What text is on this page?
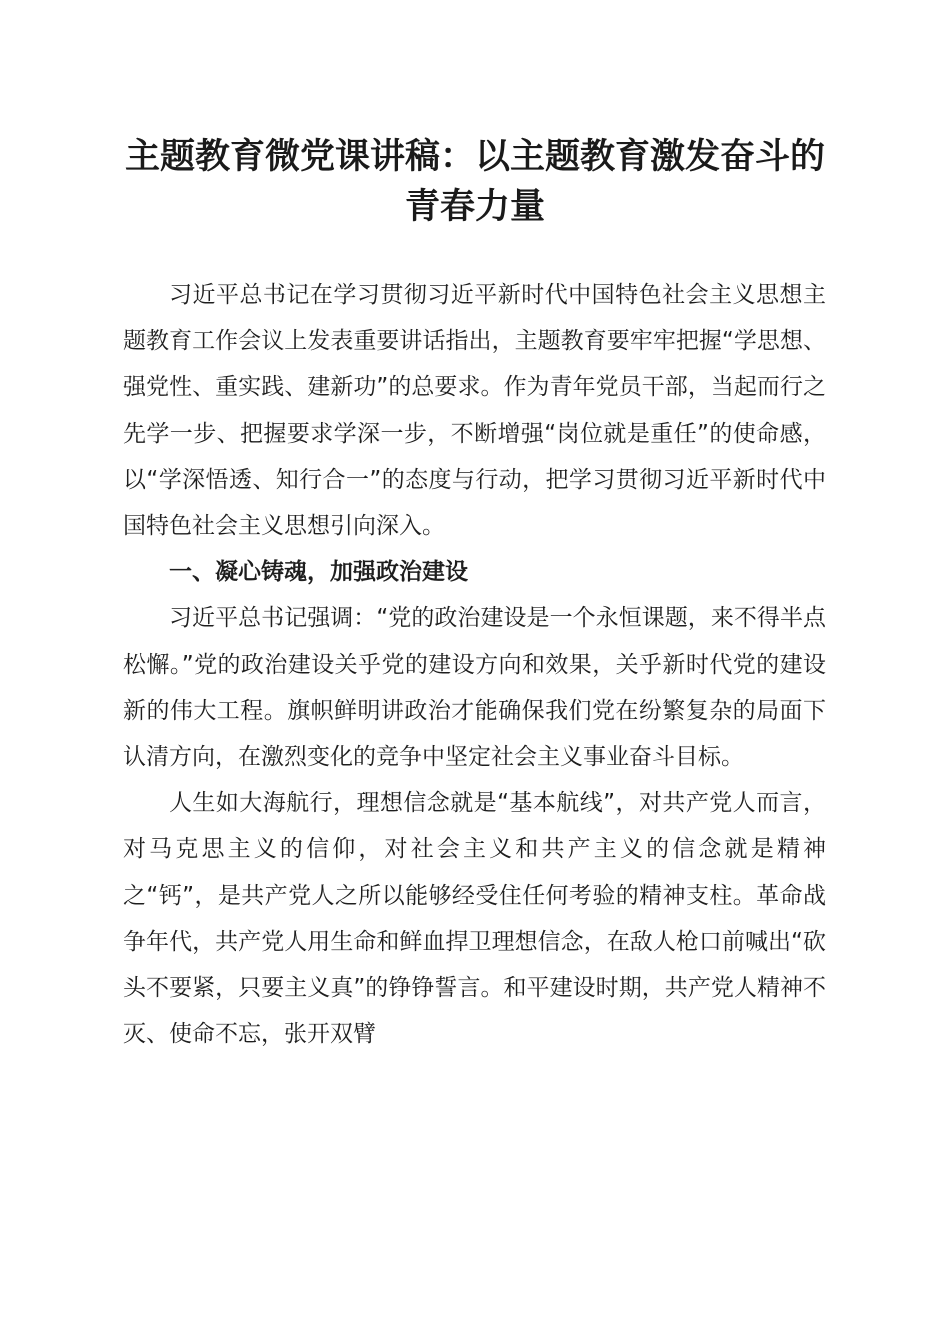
主题教育微党课讲稿：以主题教育激发奋斗的
青春力量

习近平总书记在学习贯彻习近平新时代中国特色社会主义思想主题教育工作会议上发表重要讲话指出，主题教育要牢牢把握“学思想、强党性、重实践、建新功”的总要求。作为青年党员干部，当起而行之先学一步、把握要求学深一步，不断增强“岗位就是重任”的使命感，以“学深悟透、知行合一”的态度与行动，把学习贯彻习近平新时代中国特色社会主义思想引向深入。

一、凝心铸魂，加强政治建设

习近平总书记强调：“党的政治建设是一个永恒课题，来不得半点松懈。”党的政治建设关乎党的建设方向和效果，关乎新时代党的建设新的伟大工程。旗帜鲜明讲政治才能确保我们党在纷繁复杂的局面下认清方向，在激烈变化的竞争中坚定社会主义事业奋斗目标。

人生如大海航行，理想信念就是“基本航线”，对共产党人而言，对马克思主义的信仰，对社会主义和共产主义的信念就是精神之“钙”，是共产党人之所以能够经受住任何考验的精神支柱。革命战争年代，共产党人用生命和鲜血捍卫理想信念，在敌人枪口前喊出“砍头不要紧，只要主义真”的铮铮誓言。和平建设时期，共产党人精神不灭、使命不忘，张开双臂
